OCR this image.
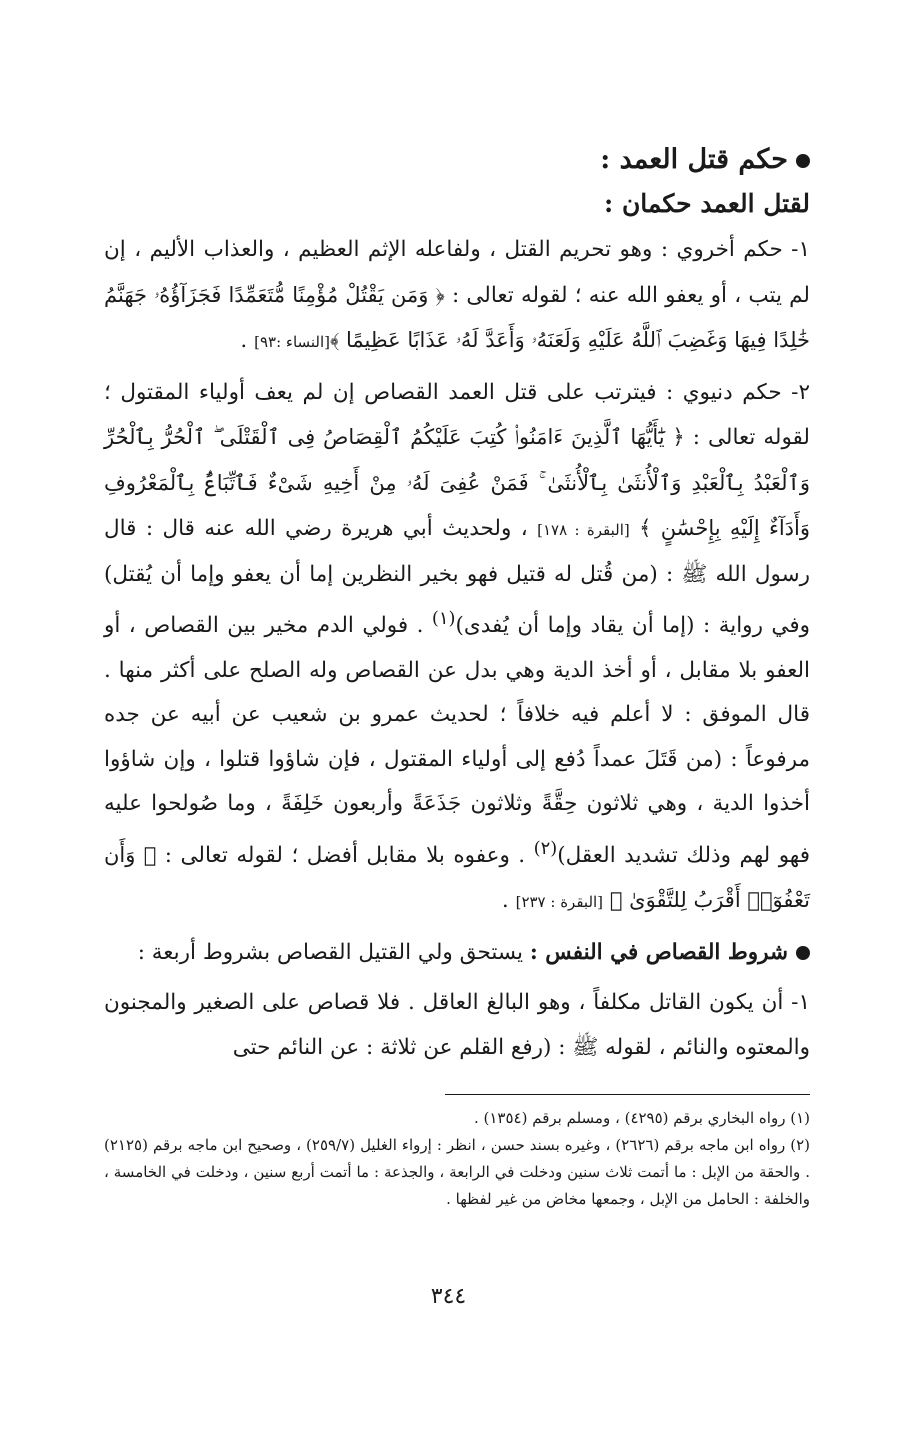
حكم قتل العمد :

لقتل العمد حكمان :

١- حكم أخروي : وهو تحريم القتل ، ولفاعله الإثم العظيم ، والعذاب الأليم ، إن لم يتب ، أو يعفو الله عنه ؛ لقوله تعالى : ﴿ وَمَن يَقْتُلْ مُؤْمِنًا مُّتَعَمِّدًا فَجَزَآؤُهُۥ جَهَنَّمُ خَٰلِدًا فِيهَا وَغَضِبَ ٱللَّهُ عَلَيْهِ وَلَعَنَهُۥ وَأَعَدَّ لَهُۥ عَذَابًا عَظِيمًا ﴾[النساء :٩٣] .

٢- حكم دنيوي : فيترتب على قتل العمد القصاص إن لم يعف أولياء المقتول ؛ لقوله تعالى : ﴿ يَٰٓأَيُّهَا ٱلَّذِينَ ءَامَنُوا۟ كُتِبَ عَلَيْكُمُ ٱلْقِصَاصُ فِى ٱلْقَتْلَى ۖ ٱلْحُرُّ بِٱلْحُرِّ وَٱلْعَبْدُ بِٱلْعَبْدِ وَٱلْأُنثَىٰ بِٱلْأُنثَىٰ ۚ فَمَنْ عُفِىَ لَهُۥ مِنْ أَخِيهِ شَىْءٌ فَٱتِّبَاعٌۢ بِٱلْمَعْرُوفِ وَأَدَآءٌ إِلَيْهِ بِإِحْسَٰنٍ ﴾ [البقرة : ١٧٨] ، ولحديث أبي هريرة رضي الله عنه قال : قال رسول الله ﷺ : (من قُتل له قتيل فهو بخير النظرين إما أن يعفو وإما أن يُقتل) وفي رواية : (إما أن يقاد وإما أن يُفدى)$^{(١)}$ . فولي الدم مخير بين القصاص ، أو العفو بلا مقابل ، أو أخذ الدية وهي بدل عن القصاص وله الصلح على أكثر منها . قال الموفق : لا أعلم فيه خلافاً ؛ لحديث عمرو بن شعيب عن أبيه عن جده مرفوعاً : (من قَتَلَ عمداً دُفع إلى أولياء المقتول ، فإن شاؤوا قتلوا ، وإن شاؤوا أخذوا الدية ، وهي ثلاثون حِقَّةً وثلاثون جَذَعَةً وأربعون خَلِفَةً ، وما صُولحوا عليه فهو لهم وذلك تشديد العقل)$^{(٢)}$ . وعفوه بلا مقابل أفضل ؛ لقوله تعالى : ﴿ وَأَن تَعْفُوٓا۟ أَقْرَبُ لِلتَّقْوَىٰ ﴾ [البقرة : ٢٣٧] .

شروط القصاص في النفس : يستحق ولي القتيل القصاص بشروط أربعة :

١- أن يكون القاتل مكلفاً ، وهو البالغ العاقل . فلا قصاص على الصغير والمجنون والمعتوه والنائم ، لقوله ﷺ : (رفع القلم عن ثلاثة : عن النائم حتى

(١) رواه البخاري برقم (٤٢٩٥) ، ومسلم برقم (١٣٥٤) .

(٢) رواه ابن ماجه برقم (٢٦٢٦) ، وغيره بسند حسن ، انظر : إرواء الغليل (٢٥٩/٧) ، وصحيح ابن ماجه برقم (٢١٢٥) . والحقة من الإبل : ما أتمت ثلاث سنين ودخلت في الرابعة ، والجذعة : ما أتمت أربع سنين ، ودخلت في الخامسة ، والخلفة : الحامل من الإبل ، وجمعها مخاض من غير لفظها .

٣٤٤
